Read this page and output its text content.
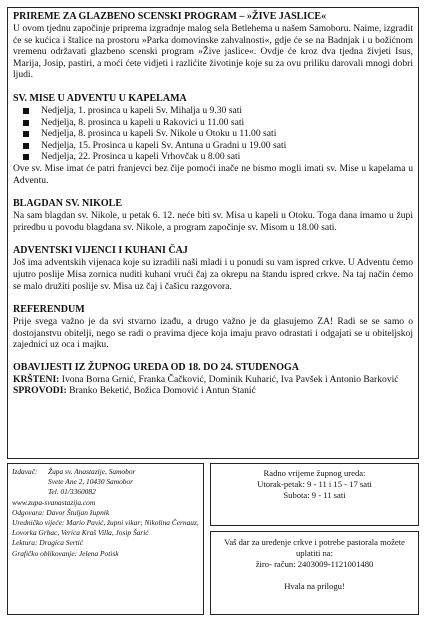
PRIREME ZA GLAZBENO SCENSKI PROGRAM – »ŽIVE JASLICE«
U ovom tjednu započinje priprema izgradnje malog sela Betlehema u našem Samoboru. Naime, izgradit će se kućica i štalice na prostoru »Parka domovinske zahvalnosti«, gdje će se na Badnjak i u božićnom vremenu održavati glazbeno scenski program »Žive jaslice«. Ovdje će kroz dva tjedna živjeti Isus, Marija, Josip, pastiri, a moći ćete vidjeti i razlićite životinje koje su za ovu priliku darovali mnogi dobri ljudi.
SV. MISE U ADVENTU U KAPELAMA
Nedjelja, 1. prosinca u kapeli Sv. Mihalja u 9.30 sati
Nedjelja, 8. prosinca u kapeli u Rakovici u 11.00 sati
Nedjelja, 8. prosinca u kapeli Sv. Nikole u Otoku u 11.00 sati
Nedjelja, 15. Prosinca u kapeli Sv. Antuna u Gradni u 19.00 sati
Nedjelja, 22. Prosinca u kapeli Vrhovčak u 8.00 sati
Ove sv. Mise imat će patri franjevci bez čije pomoći inače ne bismo mogli imati sv. Mise u kapelama u Adventu.
BLAGDAN SV. NIKOLE
Na sam blagdan sv. Nikole, u petak 6. 12. neće biti sv. Misa u kapeli u Otoku. Toga dana imamo u župi priredbu u povodu blagdana sv. Nikole, a program započinje sv. Misom u 18.00 sati.
ADVENTSKI VIJENCI I KUHANI ČAJ
Još ima adventskih vijenaca koje su izradili naši mladi i u ponudi su vam ispred crkve. U Adventu ćemo ujutro poslije Misa zornica nuditi kuhani vrući čaj za okrepu na štandu ispred crkve. Na taj način ćemo se malo družiti poslije sv. Misa uz čaj i čašicu razgovora.
REFERENDUM
Prije svega važno je da svi stvarno izađu, a drugo važno je da glasujemo ZA! Radi se se samo o dostojanstvu obitelji, nego se radi o pravima djece koja imaju pravo odrastati i odgajati se u obiteljskoj zajednici uz oca i majku.
OBAVIJESTI IZ ŽUPNOG UREDA OD 18. DO 24. STUDENOGA
KRŠTENI: Ivona Borna Grnić, Franka Čačković, Dominik Kuharić, Iva Pavšek i Antonio Barković
SPROVODI: Branko Beketić, Božica Domović i Antun Stanić
Izdavač:	Župa sv. Anastazije, Samobor
Svete Ane 2, 10430 Samobor
Tel. 01/3360082
www.zupa-svanastazija.com
Odgovara: Davor Štuljan župnik
Uredničko vijeće: Mario Pavić, župni vikar; Nikolina Černauz, Lovorka Grbac, Verica Kraš Villa, Josip Šarić
Lektura: Dragica Sertić
Grafičko oblikovanje: Jelena Potisk
Radno vrijeme župnog ureda:
Utorak-petak: 9 - 11 i 15 - 17 sati
Subota: 9 - 11 sati
Vaš dar za uređenje crkve i potrebe pastorala možete uplatiti na:
žiro- račun: 2403009-1121001480
Hvala na prilogu!
